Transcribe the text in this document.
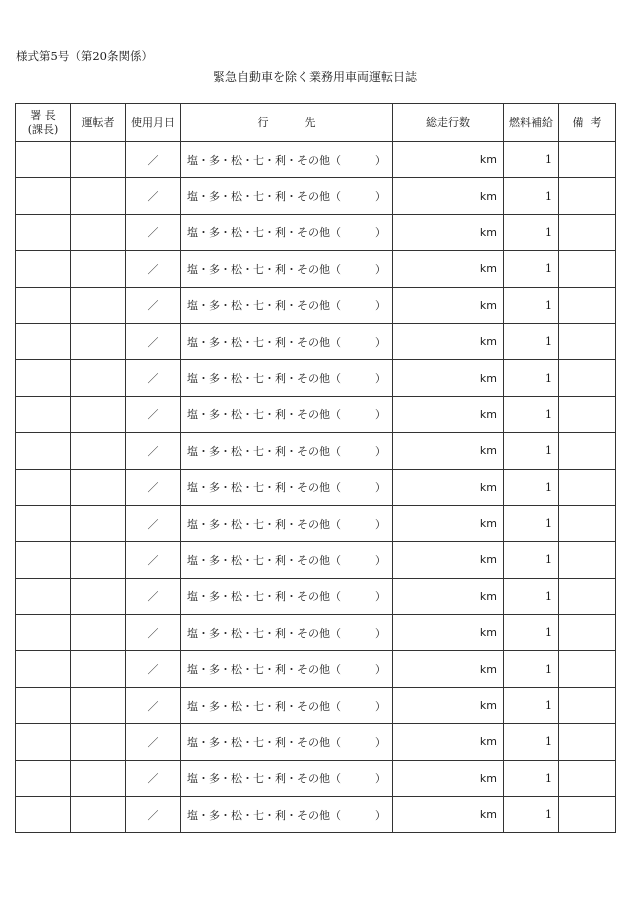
様式第5号（第20条関係）
緊急自動車を除く業務用車両運転日誌
署 長
(課長)	運転者	使用月日	行 先	総走行数	燃料補給	備 考
		／	塩・多・松・七・利・その他（ ）	km	1	
		／	塩・多・松・七・利・その他（ ）	km	1	
		／	塩・多・松・七・利・その他（ ）	km	1	
		／	塩・多・松・七・利・その他（ ）	km	1	
		／	塩・多・松・七・利・その他（ ）	km	1	
		／	塩・多・松・七・利・その他（ ）	km	1	
		／	塩・多・松・七・利・その他（ ）	km	1	
		／	塩・多・松・七・利・その他（ ）	km	1	
		／	塩・多・松・七・利・その他（ ）	km	1	
		／	塩・多・松・七・利・その他（ ）	km	1	
		／	塩・多・松・七・利・その他（ ）	km	1	
		／	塩・多・松・七・利・その他（ ）	km	1	
		／	塩・多・松・七・利・その他（ ）	km	1	
		／	塩・多・松・七・利・その他（ ）	km	1	
		／	塩・多・松・七・利・その他（ ）	km	1	
		／	塩・多・松・七・利・その他（ ）	km	1	
		／	塩・多・松・七・利・その他（ ）	km	1	
		／	塩・多・松・七・利・その他（ ）	km	1	
		／	塩・多・松・七・利・その他（ ）	km	1	
